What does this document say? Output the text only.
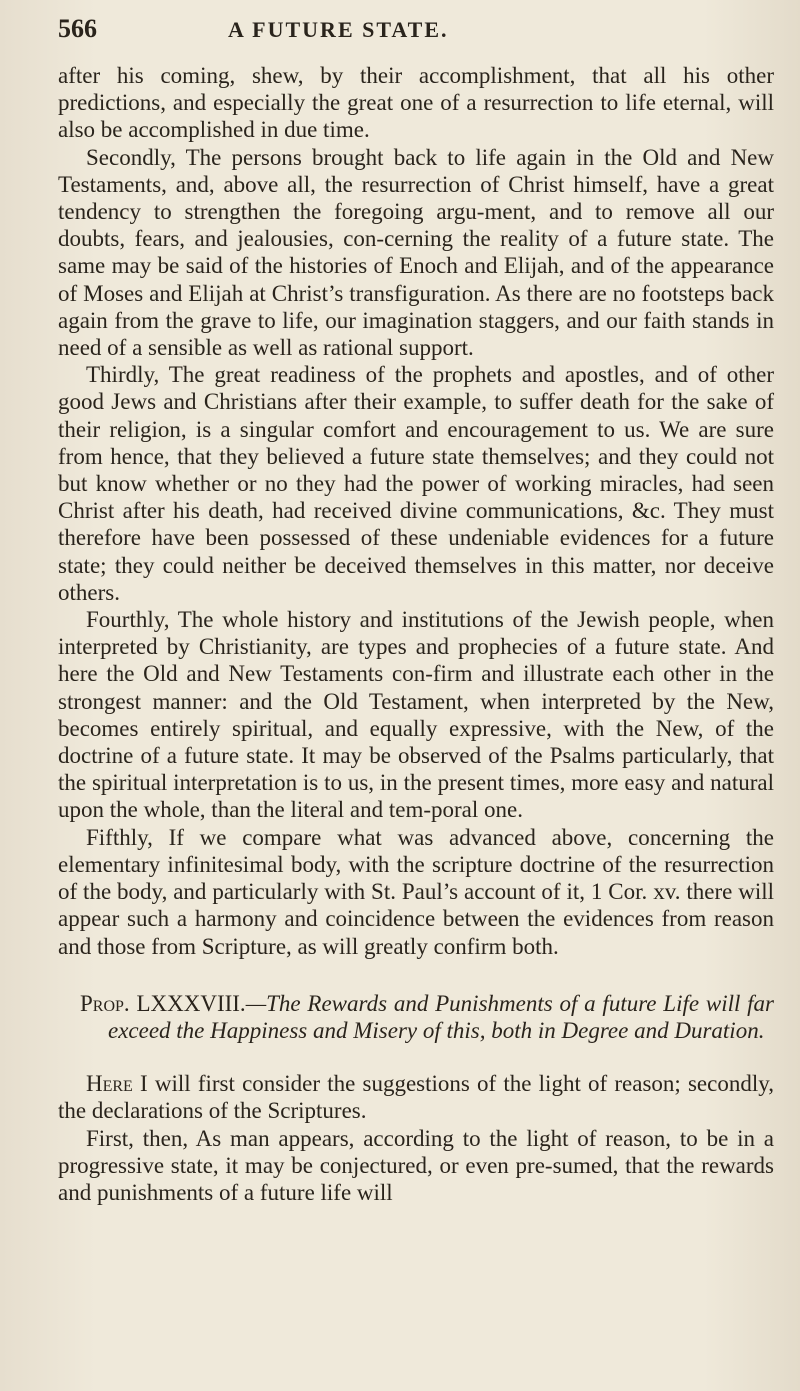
566	A FUTURE STATE.

after his coming, shew, by their accomplishment, that all his other predictions, and especially the great one of a resurrection to life eternal, will also be accomplished in due time.

Secondly, The persons brought back to life again in the Old and New Testaments, and, above all, the resurrection of Christ himself, have a great tendency to strengthen the foregoing argu-ment, and to remove all our doubts, fears, and jealousies, con-cerning the reality of a future state. The same may be said of the histories of Enoch and Elijah, and of the appearance of Moses and Elijah at Christ’s transfiguration. As there are no footsteps back again from the grave to life, our imagination staggers, and our faith stands in need of a sensible as well as rational support.

Thirdly, The great readiness of the prophets and apostles, and of other good Jews and Christians after their example, to suffer death for the sake of their religion, is a singular comfort and encouragement to us. We are sure from hence, that they believed a future state themselves; and they could not but know whether or no they had the power of working miracles, had seen Christ after his death, had received divine communications, &c. They must therefore have been possessed of these undeniable evidences for a future state; they could neither be deceived themselves in this matter, nor deceive others.

Fourthly, The whole history and institutions of the Jewish people, when interpreted by Christianity, are types and prophecies of a future state. And here the Old and New Testaments con-firm and illustrate each other in the strongest manner: and the Old Testament, when interpreted by the New, becomes entirely spiritual, and equally expressive, with the New, of the doctrine of a future state. It may be observed of the Psalms particularly, that the spiritual interpretation is to us, in the present times, more easy and natural upon the whole, than the literal and tem-poral one.

Fifthly, If we compare what was advanced above, concerning the elementary infinitesimal body, with the scripture doctrine of the resurrection of the body, and particularly with St. Paul’s account of it, 1 Cor. xv. there will appear such a harmony and coincidence between the evidences from reason and those from Scripture, as will greatly confirm both.

Prop. LXXXVIII.—The Rewards and Punishments of a future Life will far exceed the Happiness and Misery of this, both in Degree and Duration.

Here I will first consider the suggestions of the light of reason; secondly, the declarations of the Scriptures.

First, then, As man appears, according to the light of reason, to be in a progressive state, it may be conjectured, or even pre-sumed, that the rewards and punishments of a future life will
